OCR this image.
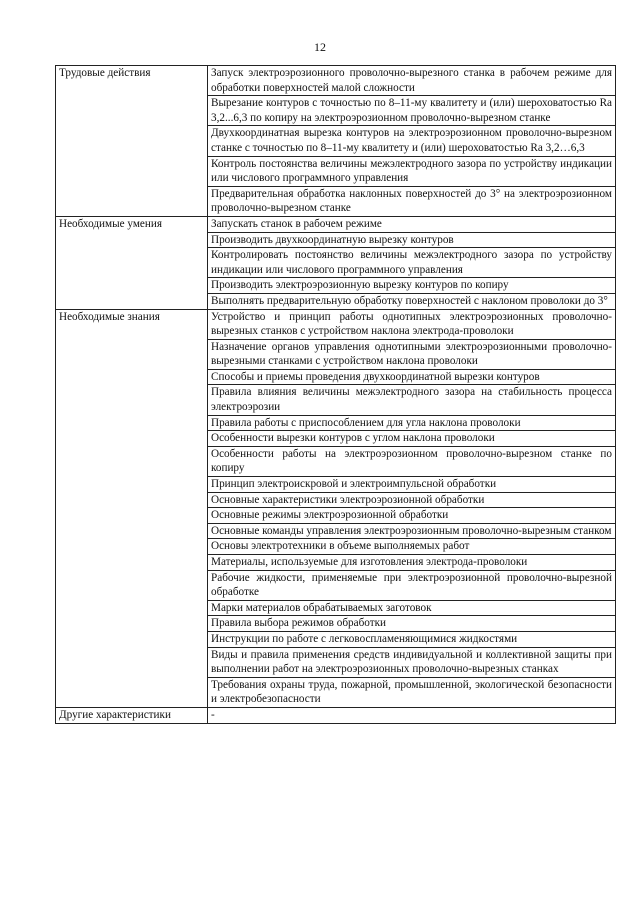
12
Трудовые действия	Запуск электроэрозионного проволочно-вырезного станка в рабочем режиме для обработки поверхностей малой сложности
	Вырезание контуров с точностью по 8–11-му квалитету и (или) шероховатостью Ra 3,2...6,3 по копиру на электроэрозионном проволочно-вырезном станке
	Двухкоординатная вырезка контуров на электроэрозионном проволочно-вырезном станке с точностью по 8–11-му квалитету и (или) шероховатостью Ra 3,2…6,3
	Контроль постоянства величины межэлектродного зазора по устройству индикации или числового программного управления
	Предварительная обработка наклонных поверхностей до 3° на электроэрозионном проволочно-вырезном станке
Необходимые умения	Запускать станок в рабочем режиме
	Производить двухкоординатную вырезку контуров
	Контролировать постоянство величины межэлектродного зазора по устройству индикации или числового программного управления
	Производить электроэрозионную вырезку контуров по копиру
	Выполнять предварительную обработку поверхностей с наклоном проволоки до 3°
Необходимые знания	Устройство и принцип работы однотипных электроэрозионных проволочно-вырезных станков с устройством наклона электрода-проволоки
	Назначение органов управления однотипными электроэрозионными проволочно-вырезными станками с устройством наклона проволоки
	Способы и приемы проведения двухкоординатной вырезки контуров
	Правила влияния величины межэлектродного зазора на стабильность процесса электроэрозии
	Правила работы с приспособлением для угла наклона проволоки
	Особенности вырезки контуров с углом наклона проволоки
	Особенности работы на электроэрозионном проволочно-вырезном станке по копиру
	Принцип электроискровой и электроимпульсной обработки
	Основные характеристики электроэрозионной обработки
	Основные режимы электроэрозионной обработки
	Основные команды управления электроэрозионным проволочно-вырезным станком
	Основы электротехники в объеме выполняемых работ
	Материалы, используемые для изготовления электрода-проволоки
	Рабочие жидкости, применяемые при электроэрозионной проволочно-вырезной обработке
	Марки материалов обрабатываемых заготовок
	Правила выбора режимов обработки
	Инструкции по работе с легковоспламеняющимися жидкостями
	Виды и правила применения средств индивидуальной и коллективной защиты при выполнении работ на электроэрозионных проволочно-вырезных станках
	Требования охраны труда, пожарной, промышленной, экологической безопасности и электробезопасности
Другие характеристики	-
